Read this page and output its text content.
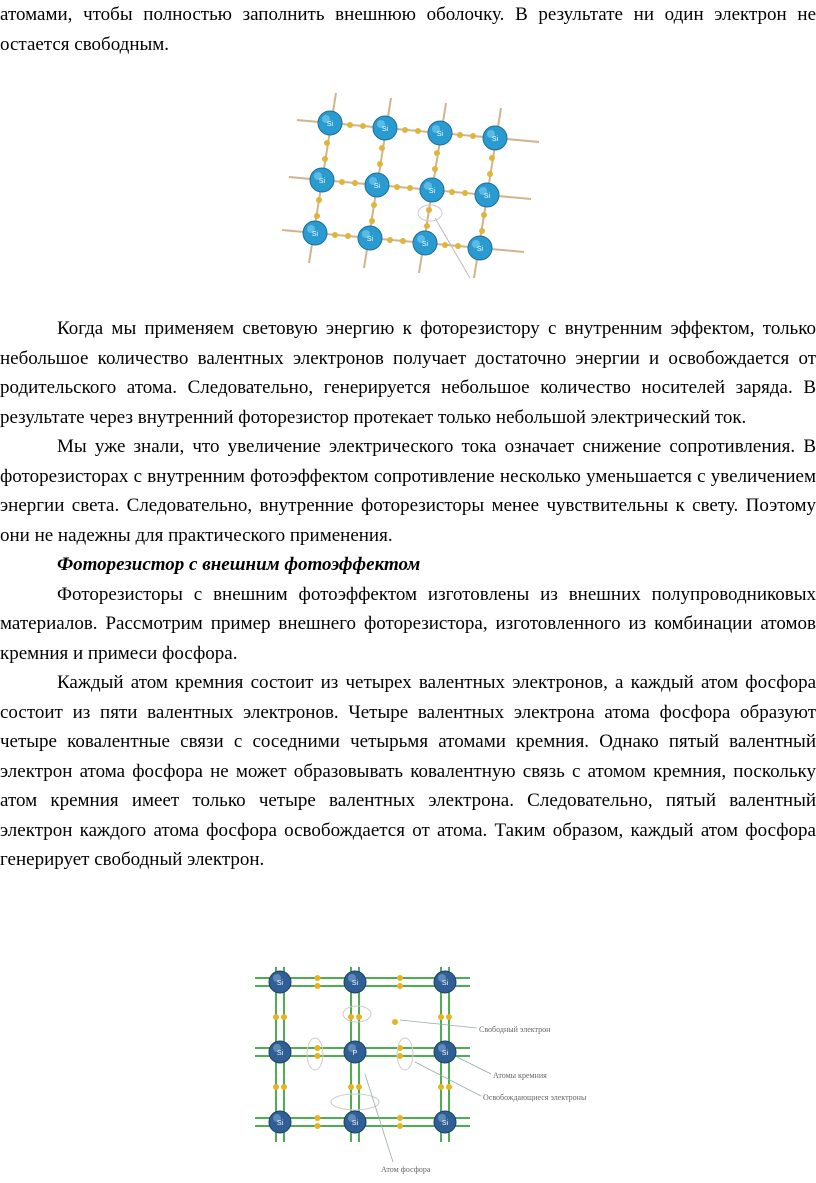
атомами, чтобы полностью заполнить внешнюю оболочку. В результате ни один электрон не остается свободным.

Si
Si
Si
Si
Si
Si
Si
Si
Si
Si
Si
Si

Когда мы применяем световую энергию к фоторезистору с внутренним эффектом, только небольшое количество валентных электронов получает достаточно энергии и освобождается от родительского атома. Следовательно, генерируется небольшое количество носителей заряда. В результате через внутренний фоторезистор протекает только небольшой электрический ток.

Мы уже знали, что увеличение электрического тока означает снижение сопротивления. В фоторезисторах с внутренним фотоэффектом сопротивление несколько уменьшается с увеличением энергии света. Следовательно, внутренние фоторезисторы менее чувствительны к свету. Поэтому они не надежны для практического применения.

Фоторезистор с внешним фотоэффектом

Фоторезисторы с внешним фотоэффектом изготовлены из внешних полупроводниковых материалов. Рассмотрим пример внешнего фоторезистора, изготовленного из комбинации атомов кремния и примеси фосфора.

Каждый атом кремния состоит из четырех валентных электронов, а каждый атом фосфора состоит из пяти валентных электронов. Четыре валентных электрона атома фосфора образуют четыре ковалентные связи с соседними четырьмя атомами кремния. Однако пятый валентный электрон атома фосфора не может образовывать ковалентную связь с атомом кремния, поскольку атом кремния имеет только четыре валентных электрона. Следовательно, пятый валентный электрон каждого атома фосфора освобождается от атома. Таким образом, каждый атом фосфора генерирует свободный электрон.

Si	Si	Si
Si	P	Si
Si	Si	Si
Свободный электрон
Атомы кремния
Освобождающиеся электроны
Атом фосфора
